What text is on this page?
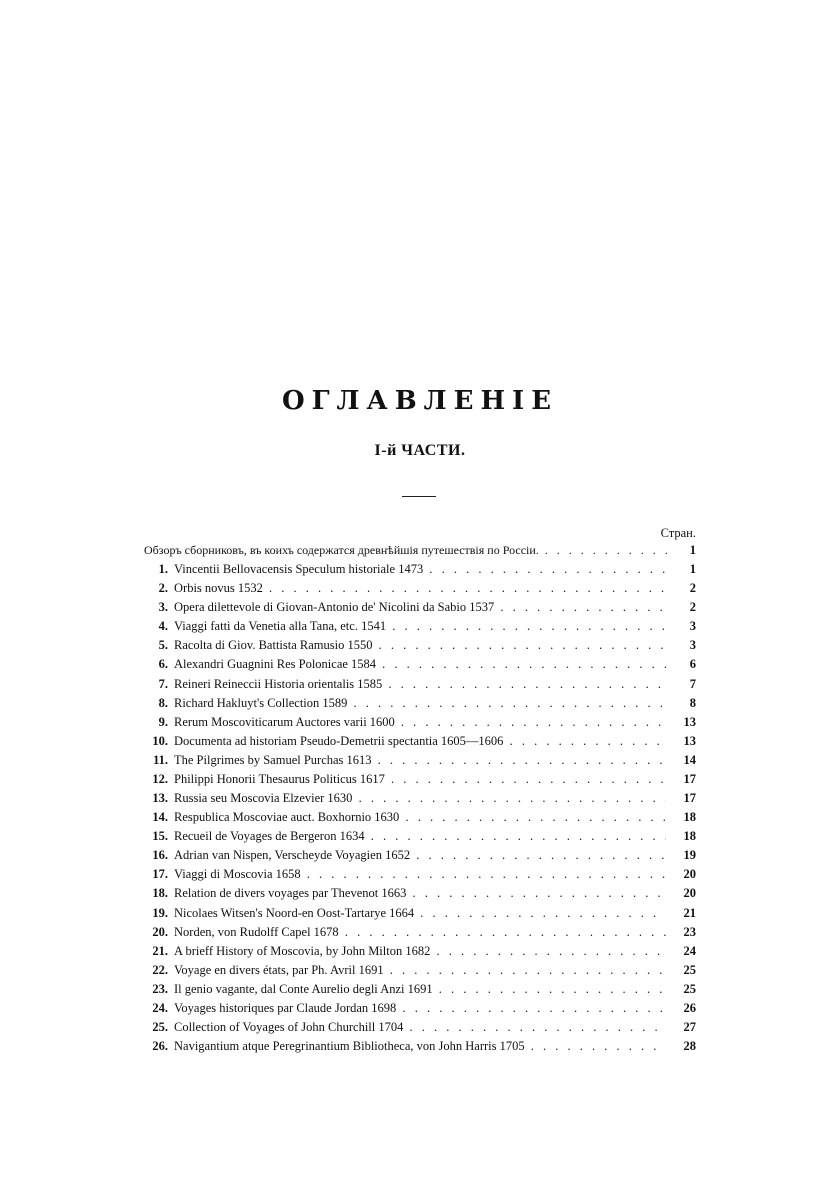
ОГЛАВЛЕНІЕ
І-й ЧАСТИ.
Стран.
Обзоръ сборниковъ, въ коихъ содержатся древнѣйшія путешествія по Россіи. . . .	1
1. Vincentii Bellovacensis Speculum historiale 1473 . . .	1
2. Orbis novus 1532 . . .	2
3. Opera dilettevole di Giovan-Antonio de' Nicolini da Sabio 1537 . . .	2
4. Viaggi fatti da Venetia alla Tana, etc. 1541 . . .	3
5. Racolta di Giov. Battista Ramusio 1550 . . .	3
6. Alexandri Guagnini Res Polonicae 1584 . . .	6
7. Reineri Reineccii Historia orientalis 1585 . . .	7
8. Richard Hakluyt's Collection 1589 . . .	8
9. Rerum Moscoviticarum Auctores varii 1600 . . .	13
10. Documenta ad historiam Pseudo-Demetrii spectantia 1605—1606 . . .	13
11. The Pilgrimes by Samuel Purchas 1613 . . .	14
12. Philippi Honorii Thesaurus Politicus 1617 . . .	17
13. Russia seu Moscovia Elzevier 1630 . . .	17
14. Respublica Moscoviae auct. Boxhornio 1630 . . .	18
15. Recueil de Voyages de Bergeron 1634 . . .	18
16. Adrian van Nispen, Verscheyde Voyagien 1652 . . .	19
17. Viaggi di Moscovia 1658 . . .	20
18. Relation de divers voyages par Thevenot 1663 . . .	20
19. Nicolaes Witsen's Noord-en Oost-Tartarye 1664 . . .	21
20. Norden, von Rudolff Capel 1678 . . .	23
21. A brieff History of Moscovia, by John Milton 1682 . . .	24
22. Voyage en divers états, par Ph. Avril 1691 . . .	25
23. Il genio vagante, dal Conte Aurelio degli Anzi 1691 . . .	25
24. Voyages historiques par Claude Jordan 1698 . . .	26
25. Collection of Voyages of John Churchill 1704 . . .	27
26. Navigantium atque Peregrinantium Bibliotheca, von John Harris 1705 . . .	28
